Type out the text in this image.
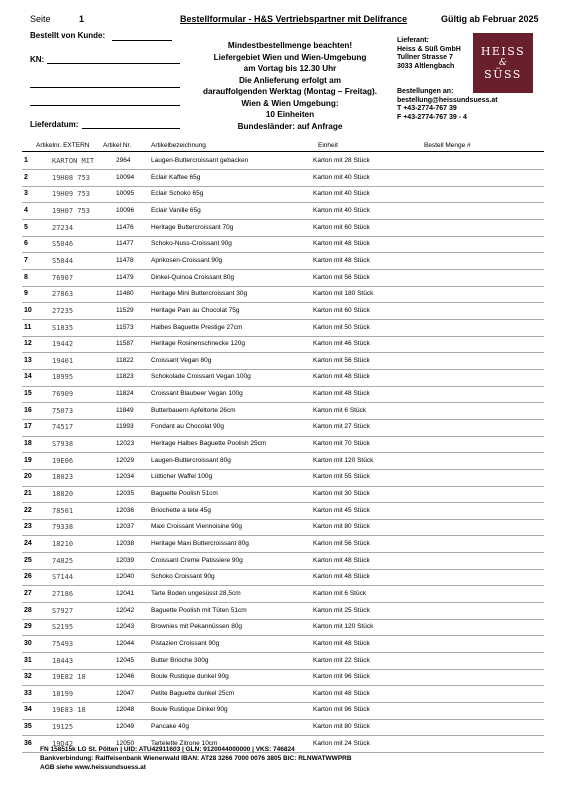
Seite	1	Bestellformular - H&S Vertriebspartner mit Delifrance	Gültig ab Februar 2025
Bestellt von Kunde:
KN:
Lieferdatum:
Mindestbestellmenge beachten!
Liefergebiet Wien und Wien-Umgebung
am Vortag bis 12.30 Uhr
Die Anlieferung erfolgt am
darauffolgenden Werktag (Montag – Freitag).
Wien & Wien Umgebung:
10 Einheiten
Bundesländer: auf Anfrage
Lieferant:
Heiss & Süß GmbH
Tullner Strasse 7
3033 Altlengbach
Bestellungen an:
bestellung@heissundsuess.at
T +43-2774-767 39
F +43-2774-767 39 - 4
HEISS
&
SÜSS
Artikelnr. EXTERN Artikel Nr.	Artikelbezeichnung	Einheit	Bestell Menge #
1	KARTON MIT	2964	Laugen-Buttercroissant gebacken	Karton mit 28 Stück
2	19H08 753	10094	Eclair Kaffee 65g	Karton mit 40 Stück
3	19H09 753	10095	Eclair Schoko 65g	Karton mit 40 Stück
4	19H07 753	10096	Eclair Vanille 65g	Karton mit 40 Stück
5	27234	11476	Heritage Buttercroissant 70g	Karton mit 60 Stück
6	S5046	11477	Schoko-Nuss-Croissant 90g	Karton mit 48 Stück
7	S5044	11478	Aprikosen-Croissant 90g	Karton mit 48 Stück
8	76907	11479	Dinkel-Quinoa Croissant 80g	Karton mit 56 Stück
9	27863	11480	Heritage Mini Buttercroissant 30g	Karton mit 180 Stück
10	27235	11529	Heritage Pain au Chocolat 75g	Karton mit 60 Stück
11	S1835	11573	Halbes Baguette Prestige 27cm	Karton mit 50 Stück
12	19442	11587	Heritage Rosinenschnecke 120g	Karton mit 46 Stück
13	19401	11822	Croissant Vegan 80g	Karton mit 56 Stück
14	18995	11823	Schokolade Croissant Vegan 100g	Karton mit 48 Stück
15	76909	11824	Croissant Blaubeer Vegan 100g	Karton mit 48 Stück
16	75073	11849	Butterbauern Apfeltorte 26cm	Karton mit 6 Stück
17	74517	11993	Fondant au Chocolat 90g	Karton mit 27 Stück
18	S7938	12023	Heritage Halbes Baguette Poolish 25cm	Karton mit 70 Stück
19	19E06	12029	Laugen-Buttercroissant 80g	Karton mit 120 Stück
20	18023	12034	Lütticher Waffel 100g	Karton mit 55 Stück
21	18820	12035	Baguette Poolish 51cm	Karton mit 30 Stück
22	78501	12036	Briochette a tete 45g	Karton mit 45 Stück
23	79338	12037	Maxi Croissant Viennoisine 90g	Karton mit 80 Stück
24	18210	12038	Heritage Maxi Buttercroissant 80g	Karton mit 56 Stück
25	74825	12039	Croissant Creme Patissiere 90g	Karton mit 48 Stück
26	S7144	12040	Schoko Croissant 90g	Karton mit 48 Stück
27	27186	12041	Tarte Boden ungesüsst 28,5cm	Karton mit 6 Stück
28	S7927	12042	Baguette Poolish mit Tüten 51cm	Karton mit 25 Stück
29	S2195	12043	Brownies mit Pekannüssen 80g	Karton mit 120 Stück
30	75493	12044	Pistazien Croissant 90g	Karton mit 48 Stück
31	18443	12045	Butter Brioche 300g	Karton mit 22 Stück
32	19E82 18	12046	Boule Rustique dunkel 90g	Karton mit 96 Stück
33	18199	12047	Petite Baguette dunkel 25cm	Karton mit 48 Stück
34	19E83 18	12048	Boule Rustique Dinkel 90g	Karton mit 96 Stück
35	19125	12049	Pancake 40g	Karton mit 80 Stück
36	19D42	12050	Tartelette Zitrone 10cm	Karton mit 24 Stück
FN 158515k LG St. Pölten | UID: ATU42911603 | GLN: 9120044000000 | VKS: 746824
Bankverbindung: Raiffeisenbank Wienerwald IBAN: AT28 3266 7000 0076 3805 BIC: RLNWATWWPRB
AGB siehe www.heissundsuess.at
